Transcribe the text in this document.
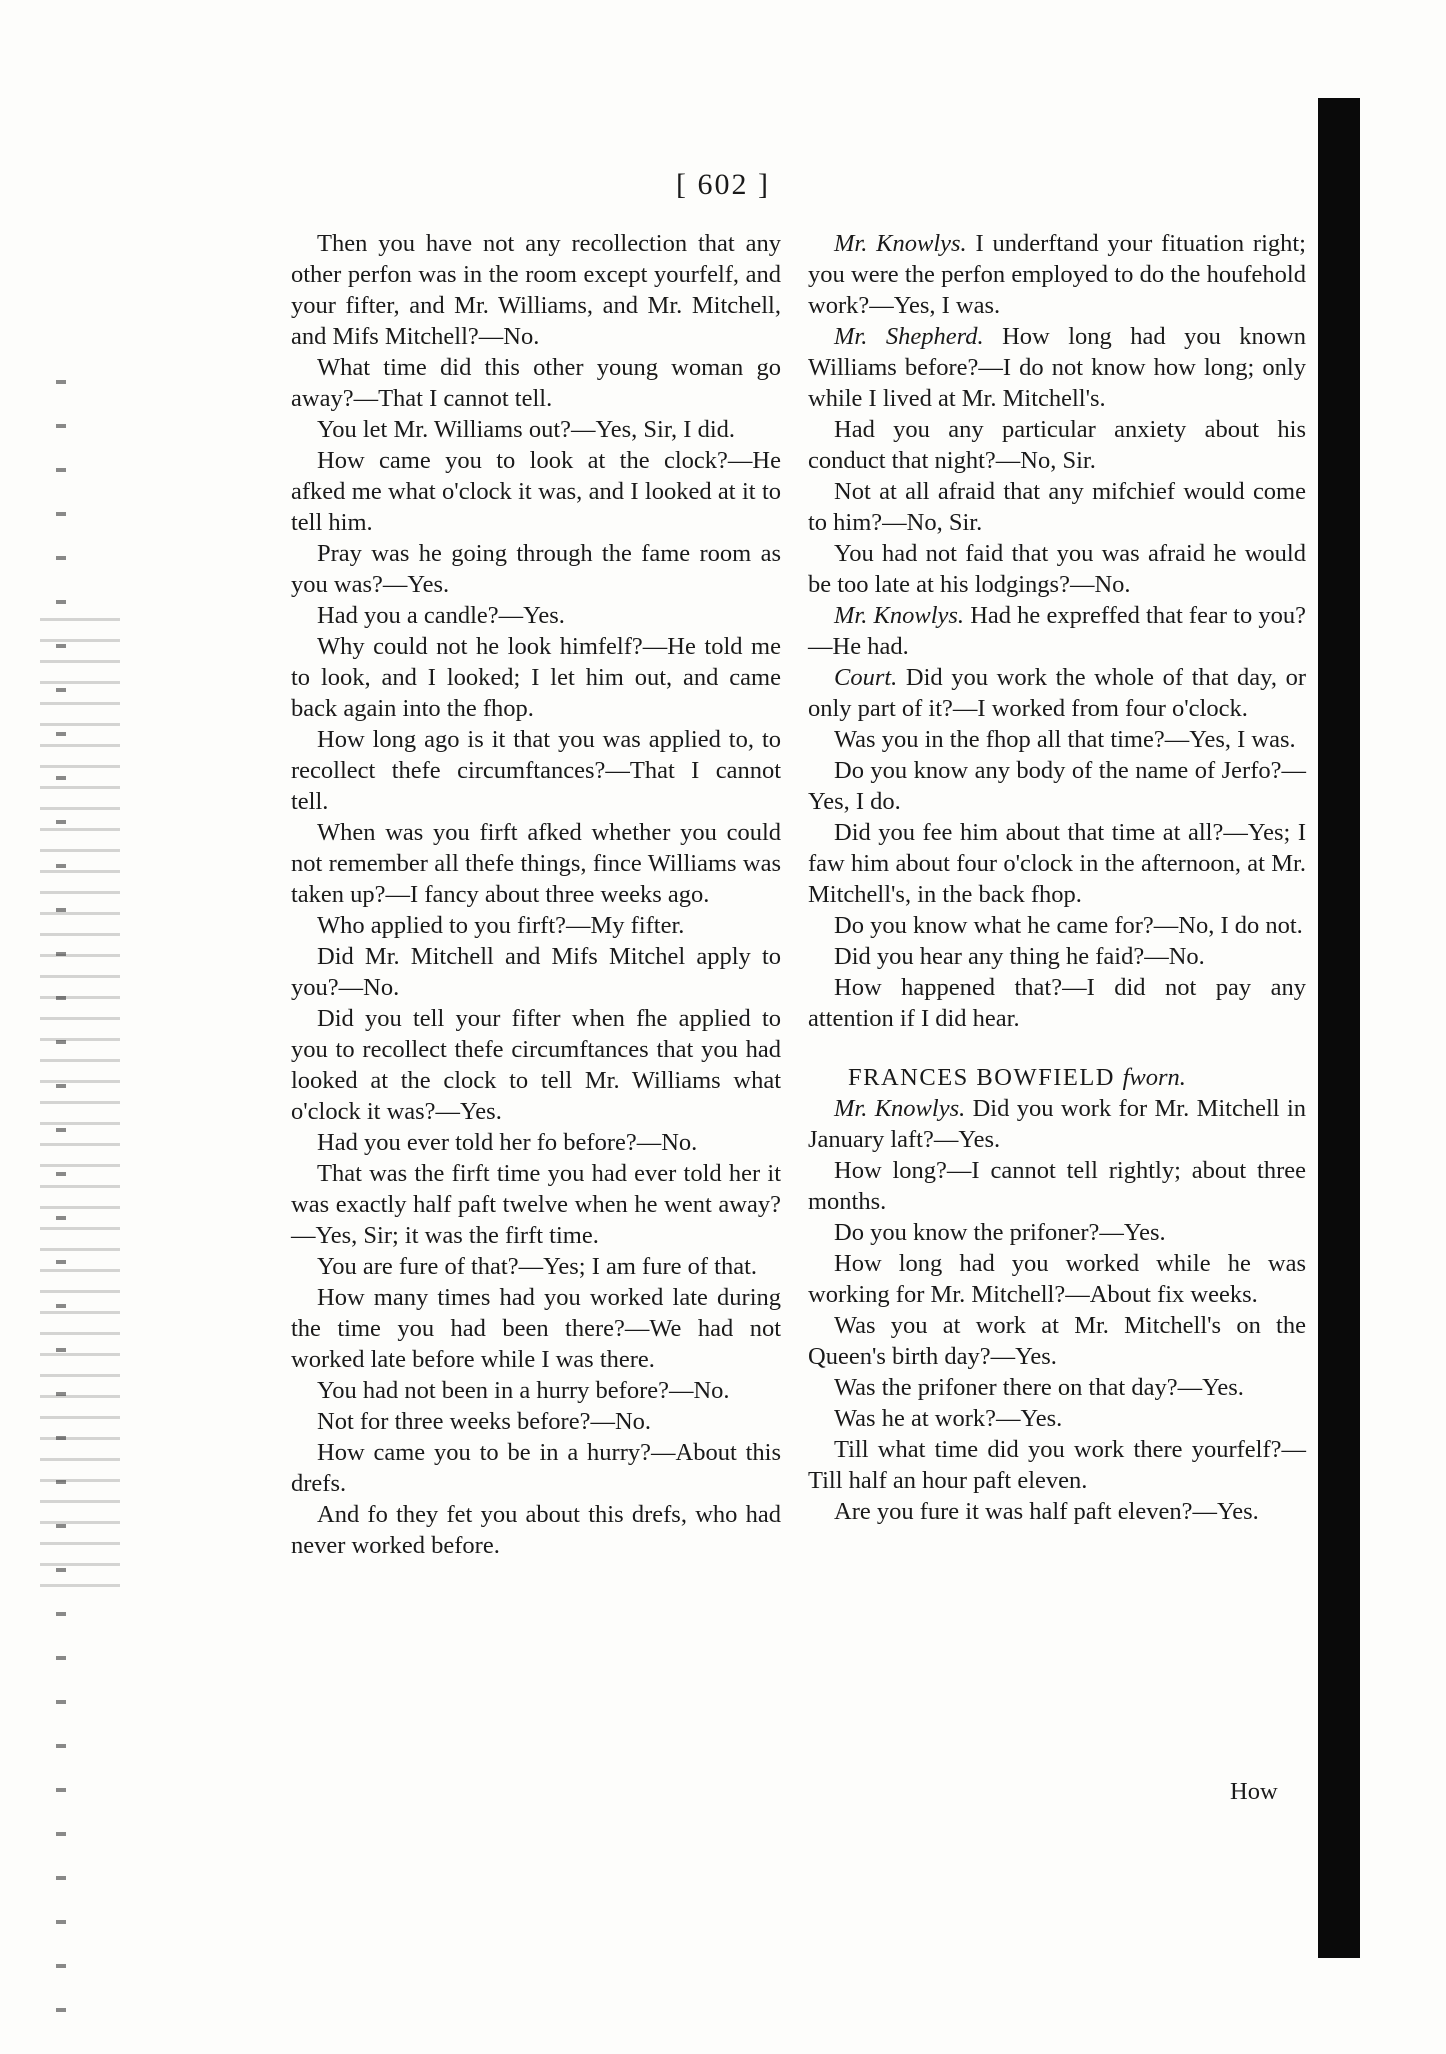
[ 602 ]

Then you have not any recollection that any other perfon was in the room except yourfelf, and your fifter, and Mr. Williams, and Mr. Mitchell, and Mifs Mitchell?—No.

What time did this other young woman go away?—That I cannot tell.

You let Mr. Williams out?—Yes, Sir, I did.

How came you to look at the clock?—He afked me what o'clock it was, and I looked at it to tell him.

Pray was he going through the fame room as you was?—Yes.

Had you a candle?—Yes.

Why could not he look himfelf?—He told me to look, and I looked; I let him out, and came back again into the fhop.

How long ago is it that you was applied to, to recollect thefe circumftances?—That I cannot tell.

When was you firft afked whether you could not remember all thefe things, fince Williams was taken up?—I fancy about three weeks ago.

Who applied to you firft?—My fifter.

Did Mr. Mitchell and Mifs Mitchel apply to you?—No.

Did you tell your fifter when fhe applied to you to recollect thefe circumftances that you had looked at the clock to tell Mr. Williams what o'clock it was?—Yes.

Had you ever told her fo before?—No.

That was the firft time you had ever told her it was exactly half paft twelve when he went away?—Yes, Sir; it was the firft time.

You are fure of that?—Yes; I am fure of that.

How many times had you worked late during the time you had been there?—We had not worked late before while I was there.

You had not been in a hurry before?—No.

Not for three weeks before?—No.

How came you to be in a hurry?—About this drefs.

And fo they fet you about this drefs, who had never worked before.

Mr. Knowlys. I underftand your fituation right; you were the perfon employed to do the houfehold work?—Yes, I was.

Mr. Shepherd. How long had you known Williams before?—I do not know how long; only while I lived at Mr. Mitchell's.

Had you any particular anxiety about his conduct that night?—No, Sir.

Not at all afraid that any mifchief would come to him?—No, Sir.

You had not faid that you was afraid he would be too late at his lodgings?—No.

Mr. Knowlys. Had he expreffed that fear to you?—He had.

Court. Did you work the whole of that day, or only part of it?—I worked from four o'clock.

Was you in the fhop all that time?—Yes, I was.

Do you know any body of the name of Jerfo?—Yes, I do.

Did you fee him about that time at all?—Yes; I faw him about four o'clock in the afternoon, at Mr. Mitchell's, in the back fhop.

Do you know what he came for?—No, I do not.

Did you hear any thing he faid?—No.

How happened that?—I did not pay any attention if I did hear.

FRANCES BOWFIELD fworn.

Mr. Knowlys. Did you work for Mr. Mitchell in January laft?—Yes.

How long?—I cannot tell rightly; about three months.

Do you know the prifoner?—Yes.

How long had you worked while he was working for Mr. Mitchell?—About fix weeks.

Was you at work at Mr. Mitchell's on the Queen's birth day?—Yes.

Was the prifoner there on that day?—Yes.

Was he at work?—Yes.

Till what time did you work there yourfelf?—Till half an hour paft eleven.

Are you fure it was half paft eleven?—Yes.

How
